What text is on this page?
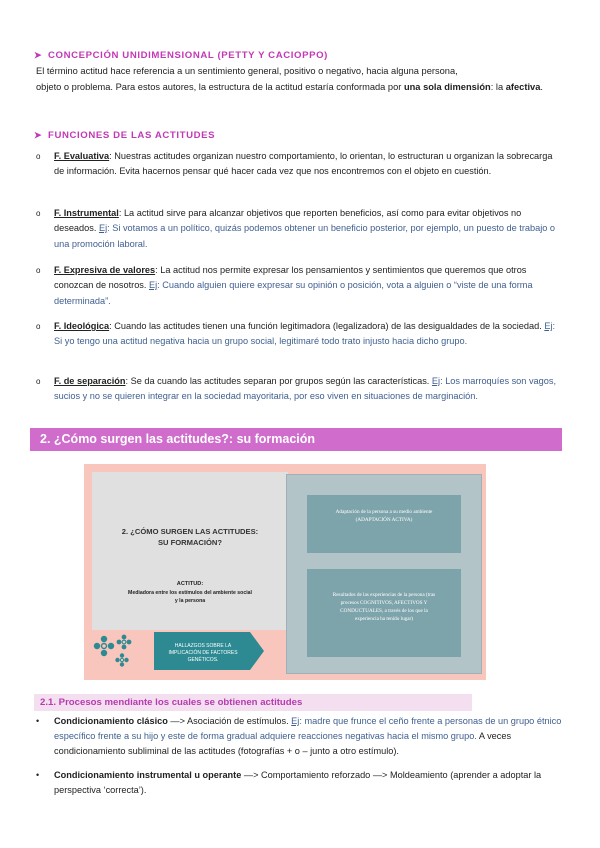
➤ CONCEPCIÓN UNIDIMENSIONAL (PETTY Y CACIOPPO)
El término actitud hace referencia a un sentimiento general, positivo o negativo, hacia alguna persona,
objeto o problema. Para estos autores, la estructura de la actitud estaría conformada por una sola dimensión: la afectiva.
➤ FUNCIONES DE LAS ACTITUDES
o F. Evaluativa: Nuestras actitudes organizan nuestro comportamiento, lo orientan, lo estructuran u organizan la sobrecarga de información. Evita hacernos pensar qué hacer cada vez que nos encontremos con el objeto en cuestión.
o F. Instrumental: La actitud sirve para alcanzar objetivos que reporten beneficios, así como para evitar objetivos no deseados. Ej: Si votamos a un político, quizás podemos obtener un beneficio posterior, por ejemplo, un puesto de trabajo o una promoción laboral.
o F. Expresiva de valores: La actitud nos permite expresar los pensamientos y sentimientos que queremos que otros conozcan de nosotros. Ej: Cuando alguien quiere expresar su opinión o posición, vota a alguien o “viste de una forma determinada”.
o F. Ideológica: Cuando las actitudes tienen una función legitimadora (legalizadora) de las desigualdades de la sociedad. Ej: Si yo tengo una actitud negativa hacia un grupo social, legitimaré todo trato injusto hacia dicho grupo.
o F. de separación: Se da cuando las actitudes separan por grupos según las características. Ej: Los marroquíes son vagos, sucios y no se quieren integrar en la sociedad mayoritaria, por eso viven en situaciones de marginación.
2. ¿Cómo surgen las actitudes?: su formación
2. ¿CÓMO SURGEN LAS ACTITUDES:
SU FORMACIÓN?
ACTITUD:
Mediadora entre los estímulos del ambiente social
y la persona
Adaptación de la persona a su medio ambiente
(ADAPTACIÓN ACTIVA)
Resultados de las experiencias de la persona (tras
procesos COGNITIVOS, AFECTIVOS Y
CONDUCTUALES, a través de los que la
experiencia ha tenido lugar)
HALLAZGOS SOBRE LA
IMPLICACIÓN DE FACTORES
GENÉTICOS.
2.1. Procesos mendiante los cuales se obtienen actitudes
• Condicionamiento clásico —> Asociación de estímulos. Ej: madre que frunce el ceño frente a personas de un grupo étnico específico frente a su hijo y este de forma gradual adquiere reacciones negativas hacia el mismo grupo. A veces condicionamiento subliminal de las actitudes (fotografías + o – junto a otro estímulo).
• Condicionamiento instrumental u operante —> Comportamiento reforzado —> Moldeamiento (aprender a adoptar la perspectiva ‘correcta’).
